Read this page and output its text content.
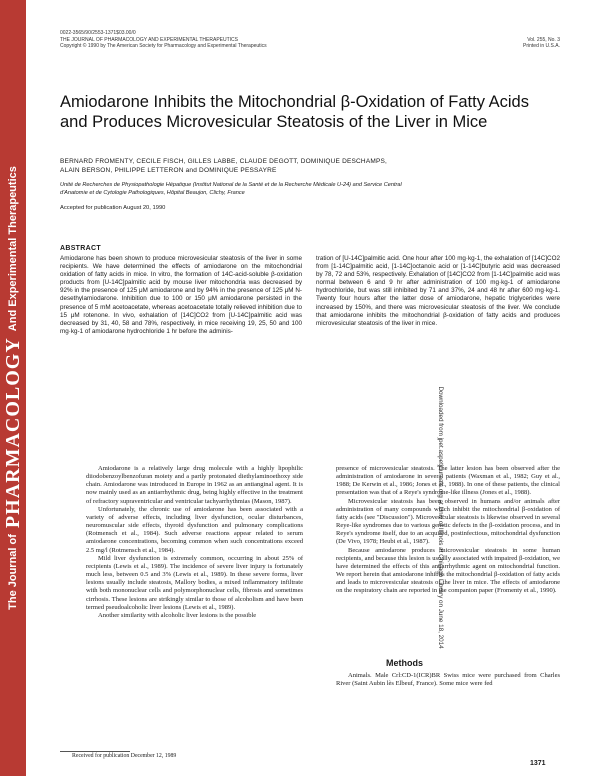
The Journal of
PHARMACOLOGY
And Experimental Therapeutics
Downloaded from jpet.aspetjournals.org at Univ of Illinois at Chicago Library on June 18, 2014
0022-3565/90/2553-1371$03.00/0
THE JOURNAL OF PHARMACOLOGY AND EXPERIMENTAL THERAPEUTICS
Copyright © 1990 by The American Society for Pharmacology and Experimental Therapeutics
Vol. 255, No. 3
Printed in U.S.A.
Amiodarone Inhibits the Mitochondrial β-Oxidation of Fatty Acids
and Produces Microvesicular Steatosis of the Liver in Mice
BERNARD FROMENTY, CECILE FISCH, GILLES LABBE, CLAUDE DEGOTT, DOMINIQUE DESCHAMPS,
ALAIN BERSON, PHILIPPE LETTERON and DOMINIQUE PESSAYRE
Unité de Recherches de Physiopathologie Hépatique (Institut National de la Santé et de la Recherche Médicale U-24) and Service Central
d'Anatomie et de Cytologie Pathologiques, Hôpital Beaujon, Clichy, France
Accepted for publication August 20, 1990
ABSTRACT
Amiodarone has been shown to produce microvesicular steatosis of the liver in some recipients. We have determined the effects of amiodarone on the mitochondrial oxidation of fatty acids in mice. In vitro, the formation of 14C-acid-soluble β-oxidation products from [U-14C]palmitic acid by mouse liver mitochondria was decreased by 92% in the presence of 125 μM amiodarone and by 94% in the presence of 125 μM N-desethylamiodarone. Inhibition due to 100 or 150 μM amiodarone persisted in the presence of 5 mM acetoacetate, whereas acetoacetate totally relieved inhibition due to 15 μM rotenone. In vivo, exhalation of [14C]CO2 from [U-14C]palmitic acid was decreased by 31, 40, 58 and 78%, respectively, in mice receiving 19, 25, 50 and 100 mg·kg-1 of amiodarone hydrochloride 1 hr before the adminis-
tration of [U-14C]palmitic acid. One hour after 100 mg·kg-1, the exhalation of [14C]CO2 from [1-14C]palmitic acid, [1-14C]octanoic acid or [1-14C]butyric acid was decreased by 78, 72 and 53%, respectively. Exhalation of [14C]CO2 from [1-14C]palmitic acid was normal between 6 and 9 hr after administration of 100 mg·kg-1 of amiodarone hydrochloride, but was still inhibited by 71 and 37%, 24 and 48 hr after 600 mg·kg-1. Twenty four hours after the latter dose of amiodarone, hepatic triglycerides were increased by 150%, and there was microvesicular steatosis of the liver. We conclude that amiodarone inhibits the mitochondrial β-oxidation of fatty acids and produces microvesicular steatosis of the liver in mice.

Amiodarone is a relatively large drug molecule with a highly lipophilic diiodobenzoylbenzofuran moiety and a partly protonated diethylaminoethoxy side chain. Amiodarone was introduced in Europe in 1962 as an antianginal agent. It is now mainly used as an antiarrhythmic drug, being highly effective in the treatment of refractory supraventricular and ventricular tachyarrhythmias (Mason, 1987).

Unfortunately, the chronic use of amiodarone has been associated with a variety of adverse effects, including liver dysfunction, ocular disturbances, neuromuscular side effects, thyroid dysfunction and pulmonary complications (Rotmensch et al., 1984). Such adverse reactions appear related to serum amiodarone concentrations, becoming common when such concentrations exceed 2.5 mg/l (Rotmensch et al., 1984).

Mild liver dysfunction is extremely common, occurring in about 25% of recipients (Lewis et al., 1989). The incidence of severe liver injury is fortunately much less, between 0.5 and 3% (Lewis et al., 1989). In these severe forms, liver lesions usually include steatosis, Mallory bodies, a mixed inflammatory infiltrate with both mononuclear cells and polymorphonuclear cells, fibrosis and sometimes cirrhosis. These lesions are strikingly similar to those of alcoholism and have been termed pseudoalcoholic liver lesions (Lewis et al., 1989).

Another similarity with alcoholic liver lesions is the possible

presence of microvesicular steatosis. The latter lesion has been observed after the administration of amiodarone in several patients (Waxman et al., 1982; Guy et al., 1988; De Kerwin et al., 1986; Jones et al., 1988). In one of these patients, the clinical presentation was that of a Reye's syndrome-like illness (Jones et al., 1988).

Microvesicular steatosis has been observed in humans and/or animals after administration of many compounds which inhibit the mitochondrial β-oxidation of fatty acids (see "Discussion"). Microvesicular steatosis is likewise observed in several Reye-like syndromes due to various genetic defects in the β-oxidation process, and in Reye's syndrome itself, due to an acquired, postinfectious, mitochondrial dysfunction (De Vivo, 1978; Heubi et al., 1987).

Because amiodarone produces microvesicular steatosis in some human recipients, and because this lesion is usually associated with impaired β-oxidation, we have determined the effects of this antiarrhythmic agent on mitochondrial function. We report herein that amiodarone inhibits the mitochondrial β-oxidation of fatty acids and leads to microvesicular steatosis of the liver in mice. The effects of amiodarone on the respiratory chain are reported in the companion paper (Fromenty et al., 1990).

Methods

Animals. Male Crl:CD-1(ICR)BR Swiss mice were purchased from Charles River (Saint Aubin lès Elbeuf, France). Some mice were fed

Received for publication December 12, 1989
1371
